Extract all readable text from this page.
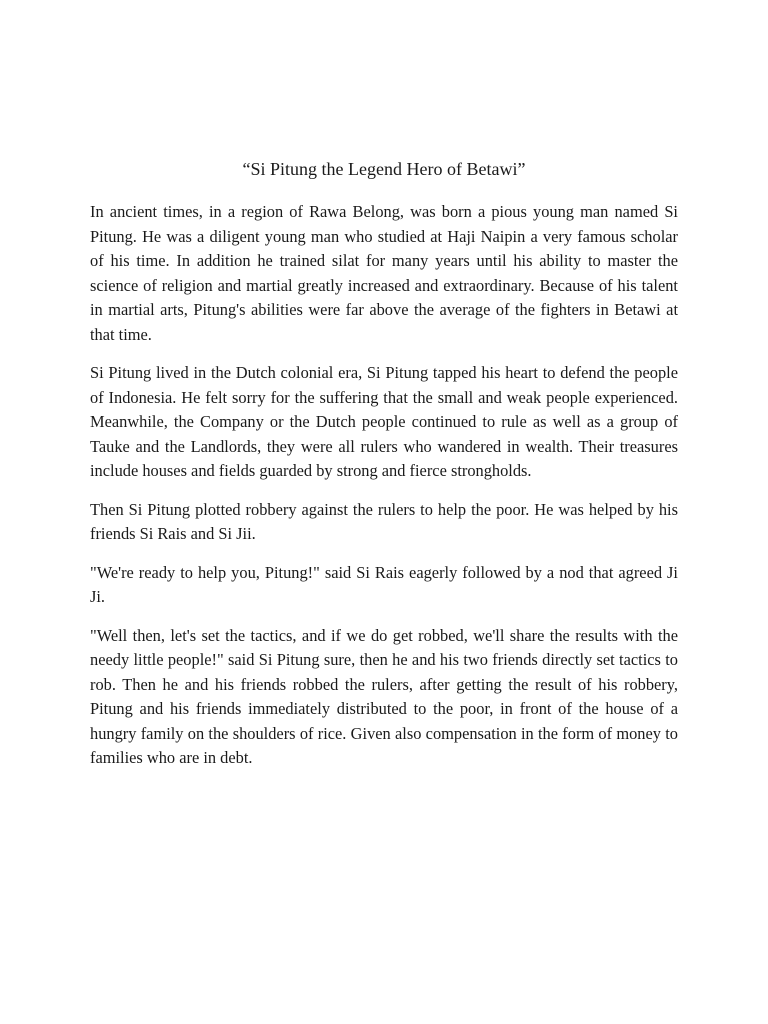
“Si Pitung the Legend Hero of Betawi”

In ancient times, in a region of Rawa Belong, was born a pious young man named Si Pitung. He was a diligent young man who studied at Haji Naipin a very famous scholar of his time. In addition he trained silat for many years until his ability to master the science of religion and martial greatly increased and extraordinary. Because of his talent in martial arts, Pitung's abilities were far above the average of the fighters in Betawi at that time.

Si Pitung lived in the Dutch colonial era, Si Pitung tapped his heart to defend the people of Indonesia. He felt sorry for the suffering that the small and weak people experienced. Meanwhile, the Company or the Dutch people continued to rule as well as a group of Tauke and the Landlords, they were all rulers who wandered in wealth. Their treasures include houses and fields guarded by strong and fierce strongholds.

Then Si Pitung plotted robbery against the rulers to help the poor. He was helped by his friends Si Rais and Si Jii.

"We're ready to help you, Pitung!" said Si Rais eagerly followed by a nod that agreed Ji Ji.

"Well then, let's set the tactics, and if we do get robbed, we'll share the results with the needy little people!" said Si Pitung sure, then he and his two friends directly set tactics to rob. Then he and his friends robbed the rulers, after getting the result of his robbery, Pitung and his friends immediately distributed to the poor, in front of the house of a hungry family on the shoulders of rice. Given also compensation in the form of money to families who are in debt.
